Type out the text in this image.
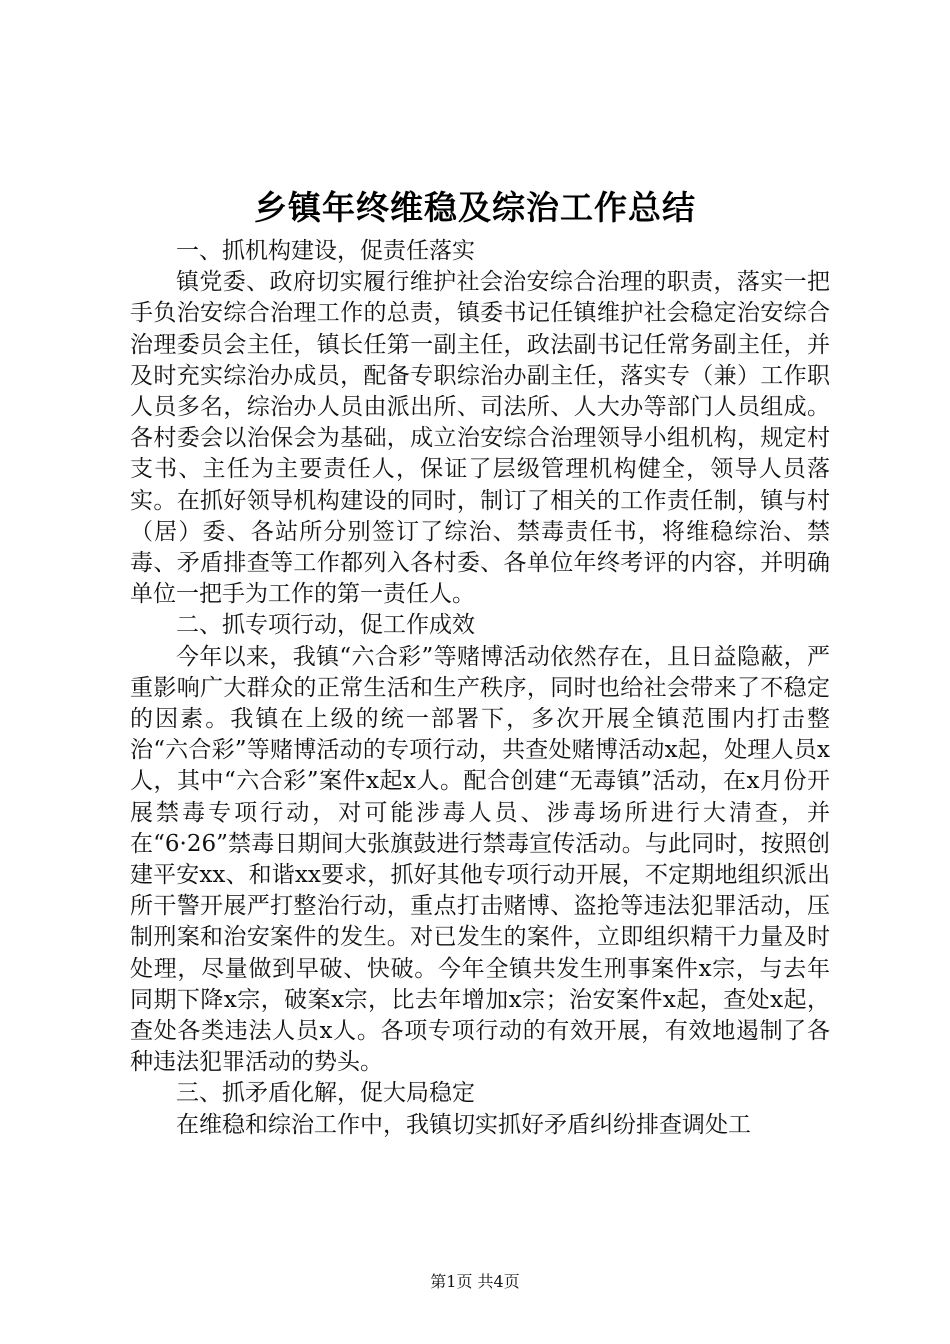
乡镇年终维稳及综治工作总结

一、抓机构建设，促责任落实

镇党委、政府切实履行维护社会治安综合治理的职责，落实一把手负治安综合治理工作的总责，镇委书记任镇维护社会稳定治安综合治理委员会主任，镇长任第一副主任，政法副书记任常务副主任，并及时充实综治办成员，配备专职综治办副主任，落实专（兼）工作职人员多名，综治办人员由派出所、司法所、人大办等部门人员组成。各村委会以治保会为基础，成立治安综合治理领导小组机构，规定村支书、主任为主要责任人，保证了层级管理机构健全，领导人员落实。在抓好领导机构建设的同时，制订了相关的工作责任制，镇与村（居）委、各站所分别签订了综治、禁毒责任书，将维稳综治、禁毒、矛盾排查等工作都列入各村委、各单位年终考评的内容，并明确单位一把手为工作的第一责任人。

二、抓专项行动，促工作成效

今年以来，我镇“六合彩”等赌博活动依然存在，且日益隐蔽，严重影响广大群众的正常生活和生产秩序，同时也给社会带来了不稳定的因素。我镇在上级的统一部署下，多次开展全镇范围内打击整治“六合彩”等赌博活动的专项行动，共查处赌博活动x起，处理人员x人，其中“六合彩”案件x起x人。配合创建“无毒镇”活动，在x月份开展禁毒专项行动，对可能涉毒人员、涉毒场所进行大清查，并在“6·26”禁毒日期间大张旗鼓进行禁毒宣传活动。与此同时，按照创建平安xx、和谐xx要求，抓好其他专项行动开展，不定期地组织派出所干警开展严打整治行动，重点打击赌博、盗抢等违法犯罪活动，压制刑案和治安案件的发生。对已发生的案件，立即组织精干力量及时处理，尽量做到早破、快破。今年全镇共发生刑事案件x宗，与去年同期下降x宗，破案x宗，比去年增加x宗；治安案件x起，查处x起，查处各类违法人员x人。各项专项行动的有效开展，有效地遏制了各种违法犯罪活动的势头。

三、抓矛盾化解，促大局稳定

在维稳和综治工作中，我镇切实抓好矛盾纠纷排查调处工

第1页 共4页
